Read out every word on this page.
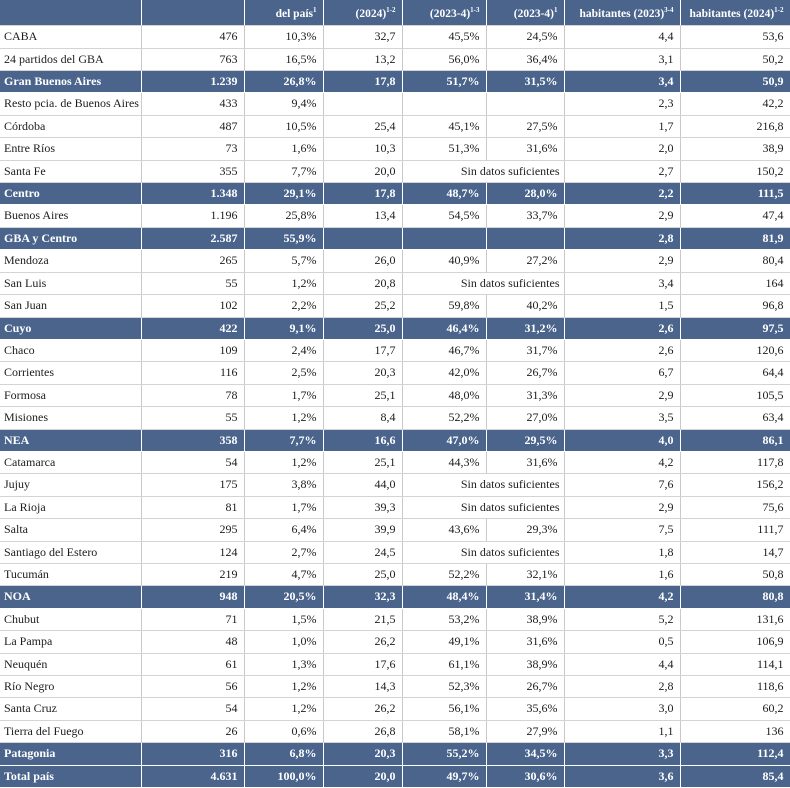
		del país$^1$	$(2024)^{1-2}$	$(2023-4)^{1-3}$	$(2023-4)^1$	habitantes $(2023)^{3-4}$	habitantes $(2024)^{1-2}$
CABA	476	10,3%	32,7	45,5%	24,5%	4,4	53,6
24 partidos del GBA	763	16,5%	13,2	56,0%	36,4%	3,1	50,2
Gran Buenos Aires	1.239	26,8%	17,8	51,7%	31,5%	3,4	50,9
Resto pcia. de Buenos Aires	433	9,4%				2,3	42,2
Córdoba	487	10,5%	25,4	45,1%	27,5%	1,7	216,8
Entre Ríos	73	1,6%	10,3	51,3%	31,6%	2,0	38,9
Santa Fe	355	7,7%	20,0	Sin datos suficientes		2,7	150,2
Centro	1.348	29,1%	17,8	48,7%	28,0%	2,2	111,5
Buenos Aires	1.196	25,8%	13,4	54,5%	33,7%	2,9	47,4
GBA y Centro	2.587	55,9%				2,8	81,9
Mendoza	265	5,7%	26,0	40,9%	27,2%	2,9	80,4
San Luis	55	1,2%	20,8	Sin datos suficientes		3,4	164
San Juan	102	2,2%	25,2	59,8%	40,2%	1,5	96,8
Cuyo	422	9,1%	25,0	46,4%	31,2%	2,6	97,5
Chaco	109	2,4%	17,7	46,7%	31,7%	2,6	120,6
Corrientes	116	2,5%	20,3	42,0%	26,7%	6,7	64,4
Formosa	78	1,7%	25,1	48,0%	31,3%	2,9	105,5
Misiones	55	1,2%	8,4	52,2%	27,0%	3,5	63,4
NEA	358	7,7%	16,6	47,0%	29,5%	4,0	86,1
Catamarca	54	1,2%	25,1	44,3%	31,6%	4,2	117,8
Jujuy	175	3,8%	44,0	Sin datos suficientes		7,6	156,2
La Rioja	81	1,7%	39,3	Sin datos suficientes		2,9	75,6
Salta	295	6,4%	39,9	43,6%	29,3%	7,5	111,7
Santiago del Estero	124	2,7%	24,5	Sin datos suficientes		1,8	14,7
Tucumán	219	4,7%	25,0	52,2%	32,1%	1,6	50,8
NOA	948	20,5%	32,3	48,4%	31,4%	4,2	80,8
Chubut	71	1,5%	21,5	53,2%	38,9%	5,2	131,6
La Pampa	48	1,0%	26,2	49,1%	31,6%	0,5	106,9
Neuquén	61	1,3%	17,6	61,1%	38,9%	4,4	114,1
Río Negro	56	1,2%	14,3	52,3%	26,7%	2,8	118,6
Santa Cruz	54	1,2%	26,2	56,1%	35,6%	3,0	60,2
Tierra del Fuego	26	0,6%	26,8	58,1%	27,9%	1,1	136
Patagonia	316	6,8%	20,3	55,2%	34,5%	3,3	112,4
Total país	4.631	100,0%	20,0	49,7%	30,6%	3,6	85,4
